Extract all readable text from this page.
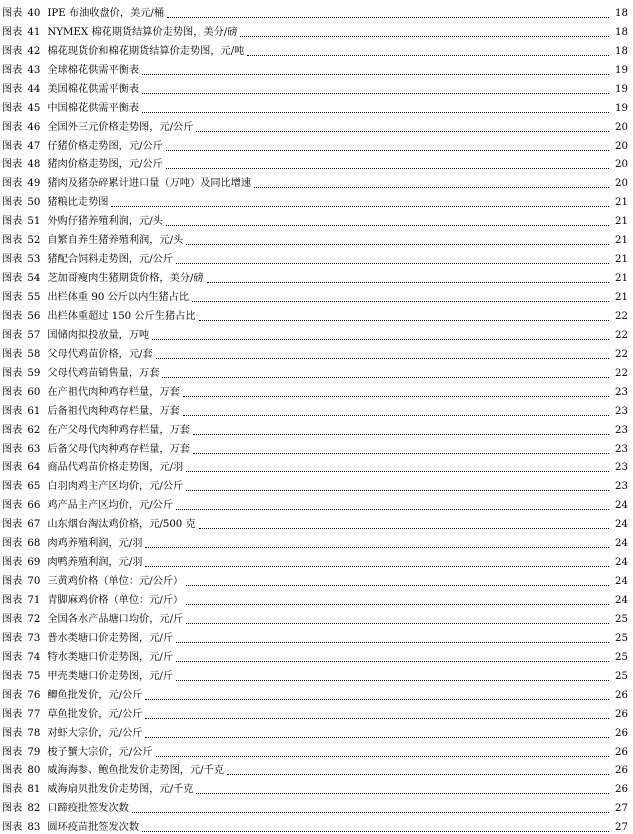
图表 40 IPE 布油收盘价，美元/桶	18
图表 41 NYMEX 棉花期货结算价走势图，美分/磅	18
图表 42 棉花现货价和棉花期货结算价走势图，元/吨	18
图表 43 全球棉花供需平衡表	19
图表 44 美国棉花供需平衡表	19
图表 45 中国棉花供需平衡表	19
图表 46 全国外三元价格走势图，元/公斤	20
图表 47 仔猪价格走势图，元/公斤	20
图表 48 猪肉价格走势图，元/公斤	20
图表 49 猪肉及猪杂碎累计进口量（万吨）及同比增速	20
图表 50 猪粮比走势图	21
图表 51 外购仔猪养殖利润，元/头	21
图表 52 自繁自养生猪养殖利润，元/头	21
图表 53 猪配合饲料走势图，元/公斤	21
图表 54 芝加哥瘦肉生猪期货价格，美分/磅	21
图表 55 出栏体重 90 公斤以内生猪占比	21
图表 56 出栏体重超过 150 公斤生猪占比	22
图表 57 国储肉拟投放量，万吨	22
图表 58 父母代鸡苗价格，元/套	22
图表 59 父母代鸡苗销售量，万套	22
图表 60 在产祖代肉种鸡存栏量，万套	23
图表 61 后备祖代肉种鸡存栏量，万套	23
图表 62 在产父母代肉种鸡存栏量，万套	23
图表 63 后备父母代肉种鸡存栏量，万套	23
图表 64 商品代鸡苗价格走势图，元/羽	23
图表 65 白羽肉鸡主产区均价，元/公斤	23
图表 66 鸡产品主产区均价，元/公斤	24
图表 67 山东烟台淘汰鸡价格，元/500 克	24
图表 68 肉鸡养殖利润，元/羽	24
图表 69 肉鸭养殖利润，元/羽	24
图表 70 三黄鸡价格（单位：元/公斤）	24
图表 71 青脚麻鸡价格（单位：元/斤）	24
图表 72 全国各水产品塘口均价，元/斤	25
图表 73 普水类塘口价走势图，元/斤	25
图表 74 特水类塘口价走势图，元/斤	25
图表 75 甲壳类塘口价走势图，元/斤	25
图表 76 鲫鱼批发价，元/公斤	26
图表 77 草鱼批发价，元/公斤	26
图表 78 对虾大宗价，元/公斤	26
图表 79 梭子蟹大宗价，元/公斤	26
图表 80 威海海参、鲍鱼批发价走势图，元/千克	26
图表 81 威海扇贝批发价走势图，元/千克	26
图表 82 口蹄疫批签发次数	27
图表 83 圆环疫苗批签发次数	27
